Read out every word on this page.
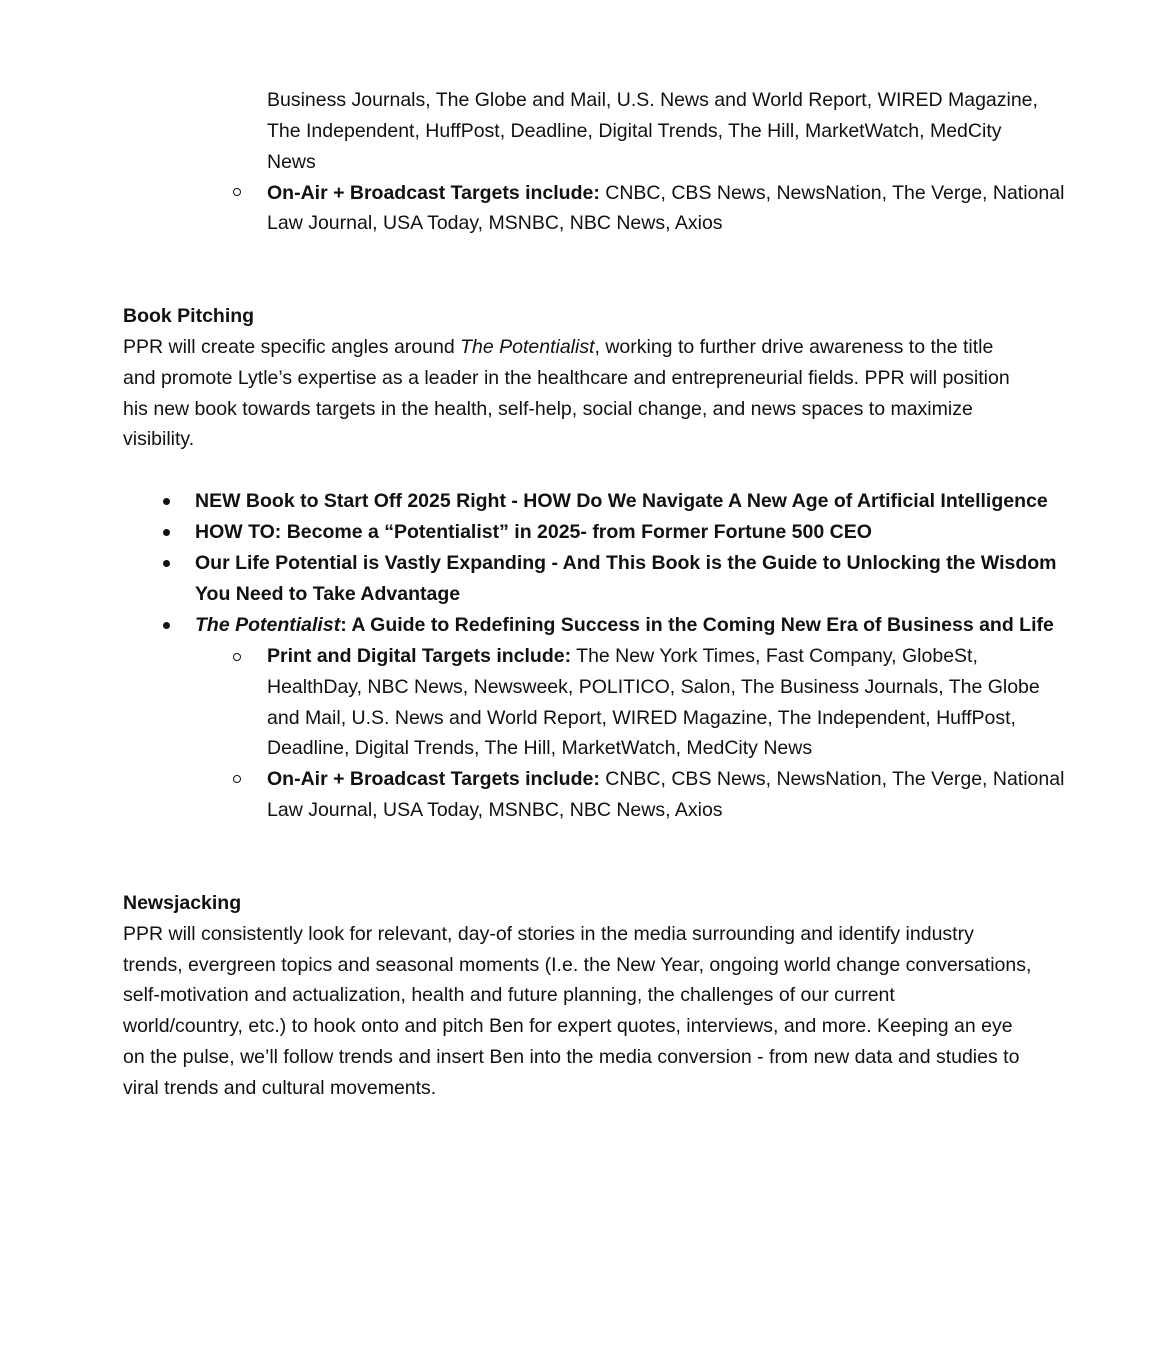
Business Journals, The Globe and Mail, U.S. News and World Report, WIRED Magazine,
The Independent, HuffPost, Deadline, Digital Trends, The Hill, MarketWatch, MedCity
News
On-Air + Broadcast Targets include: CNBC, CBS News, NewsNation, The Verge, National
Law Journal, USA Today, MSNBC, NBC News, Axios
Book Pitching
PPR will create specific angles around The Potentialist, working to further drive awareness to the title
and promote Lytle’s expertise as a leader in the healthcare and entrepreneurial fields. PPR will position
his new book towards targets in the health, self-help, social change, and news spaces to maximize
visibility.
NEW Book to Start Off 2025 Right - HOW Do We Navigate A New Age of Artificial Intelligence
HOW TO: Become a “Potentialist” in 2025- from Former Fortune 500 CEO
Our Life Potential is Vastly Expanding - And This Book is the Guide to Unlocking the Wisdom
You Need to Take Advantage
The Potentialist: A Guide to Redefining Success in the Coming New Era of Business and Life
Print and Digital Targets include: The New York Times, Fast Company, GlobeSt,
HealthDay, NBC News, Newsweek, POLITICO, Salon, The Business Journals, The Globe
and Mail, U.S. News and World Report, WIRED Magazine, The Independent, HuffPost,
Deadline, Digital Trends, The Hill, MarketWatch, MedCity News
On-Air + Broadcast Targets include: CNBC, CBS News, NewsNation, The Verge, National
Law Journal, USA Today, MSNBC, NBC News, Axios
Newsjacking
PPR will consistently look for relevant, day-of stories in the media surrounding and identify industry
trends, evergreen topics and seasonal moments (I.e. the New Year, ongoing world change conversations,
self-motivation and actualization, health and future planning, the challenges of our current
world/country, etc.) to hook onto and pitch Ben for expert quotes, interviews, and more. Keeping an eye
on the pulse, we’ll follow trends and insert Ben into the media conversion - from new data and studies to
viral trends and cultural movements.
